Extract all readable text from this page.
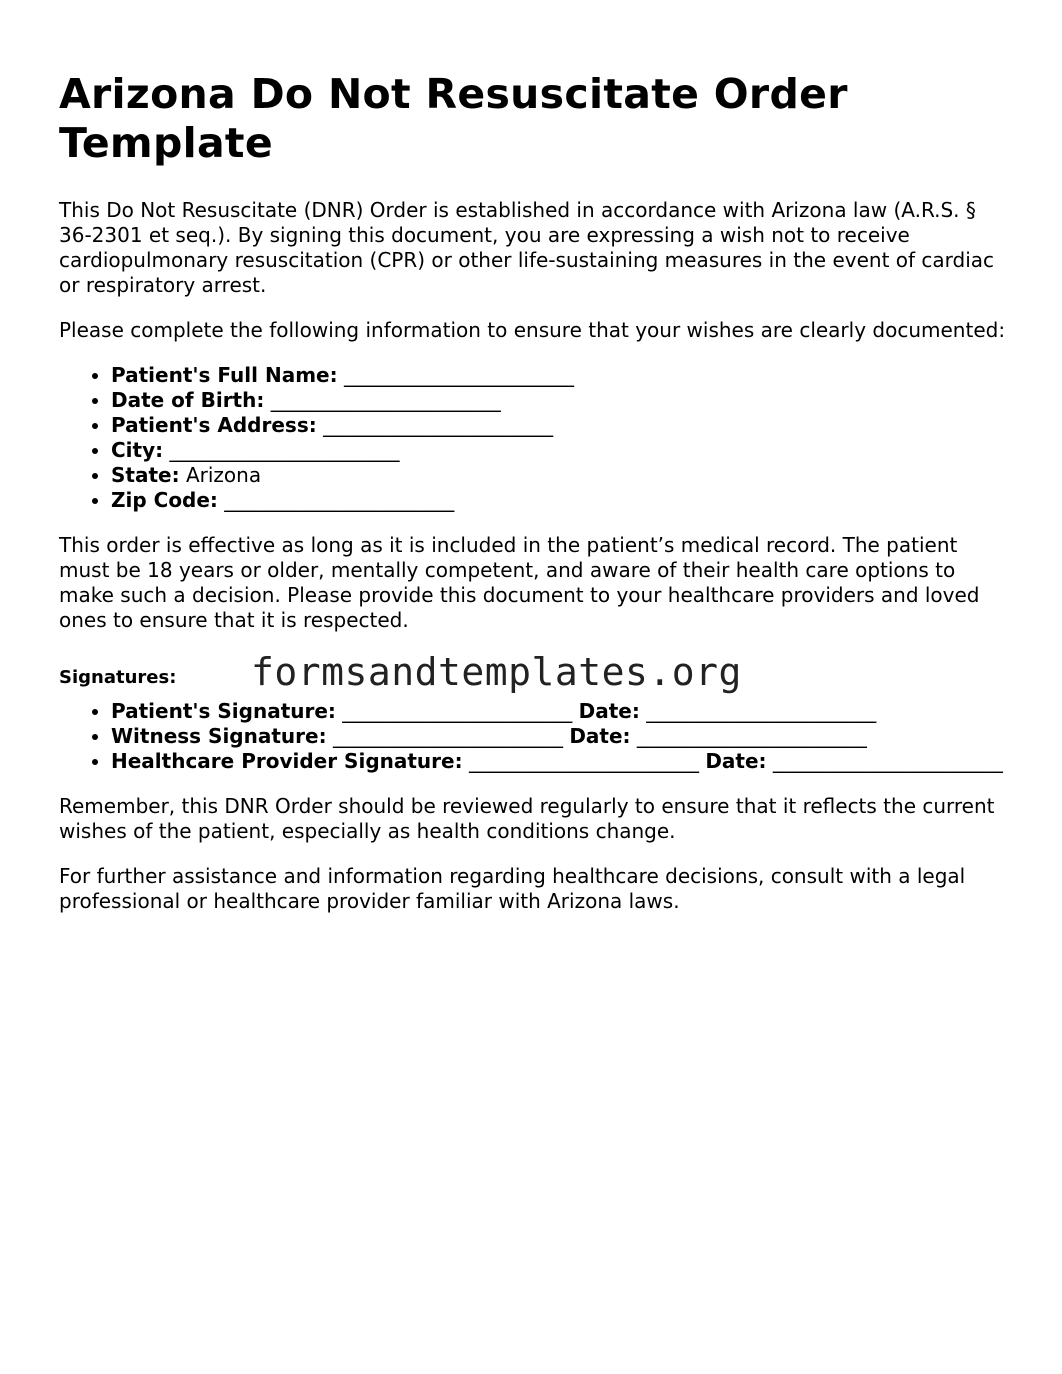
Arizona Do Not Resuscitate Order Template

This Do Not Resuscitate (DNR) Order is established in accordance with Arizona law (A.R.S. § 36-2301 et seq.). By signing this document, you are expressing a wish not to receive cardiopulmonary resuscitation (CPR) or other life-sustaining measures in the event of cardiac or respiratory arrest.

Please complete the following information to ensure that your wishes are clearly documented:

• Patient's Full Name: _______________________
• Date of Birth: _______________________
• Patient's Address: _______________________
• City: _______________________
• State: Arizona
• Zip Code: _______________________

This order is effective as long as it is included in the patient’s medical record. The patient must be 18 years or older, mentally competent, and aware of their health care options to make such a decision. Please provide this document to your healthcare providers and loved ones to ensure that it is respected.

Signatures: formsandtemplates.org
• Patient's Signature: _______________________ Date: _______________________
• Witness Signature: _______________________ Date: _______________________
• Healthcare Provider Signature: _______________________ Date: _______________________

Remember, this DNR Order should be reviewed regularly to ensure that it reflects the current wishes of the patient, especially as health conditions change.

For further assistance and information regarding healthcare decisions, consult with a legal professional or healthcare provider familiar with Arizona laws.
